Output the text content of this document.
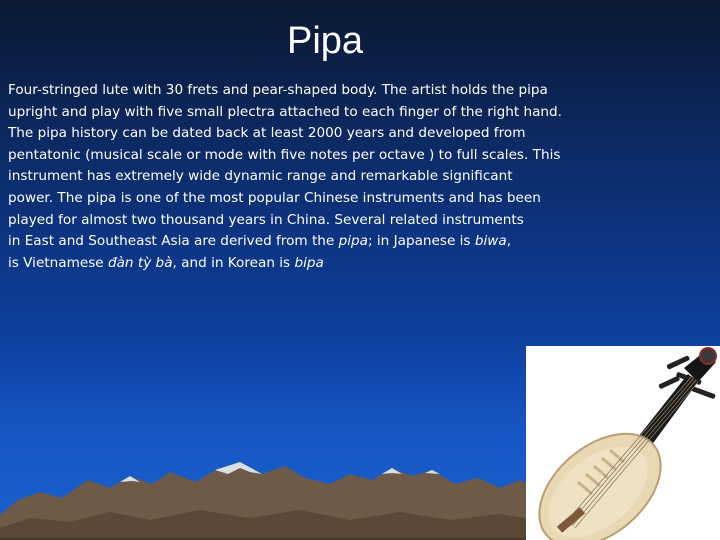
Pipa

Four-stringed lute with 30 frets and pear-shaped body. The artist holds the pipa

upright and play with five small plectra attached to each finger of the right hand.

The pipa history can be dated back at least 2000 years and developed from

pentatonic (musical scale or mode with five notes per octave ) to full scales. This

instrument has extremely wide dynamic range and remarkable significant

power. The pipa is one of the most popular Chinese instruments and has been

played for almost two thousand years in China. Several related instruments

in East and Southeast Asia are derived from the pipa; in Japanese is biwa,

is Vietnamese đàn tỳ bà, and in Korean is bipa
